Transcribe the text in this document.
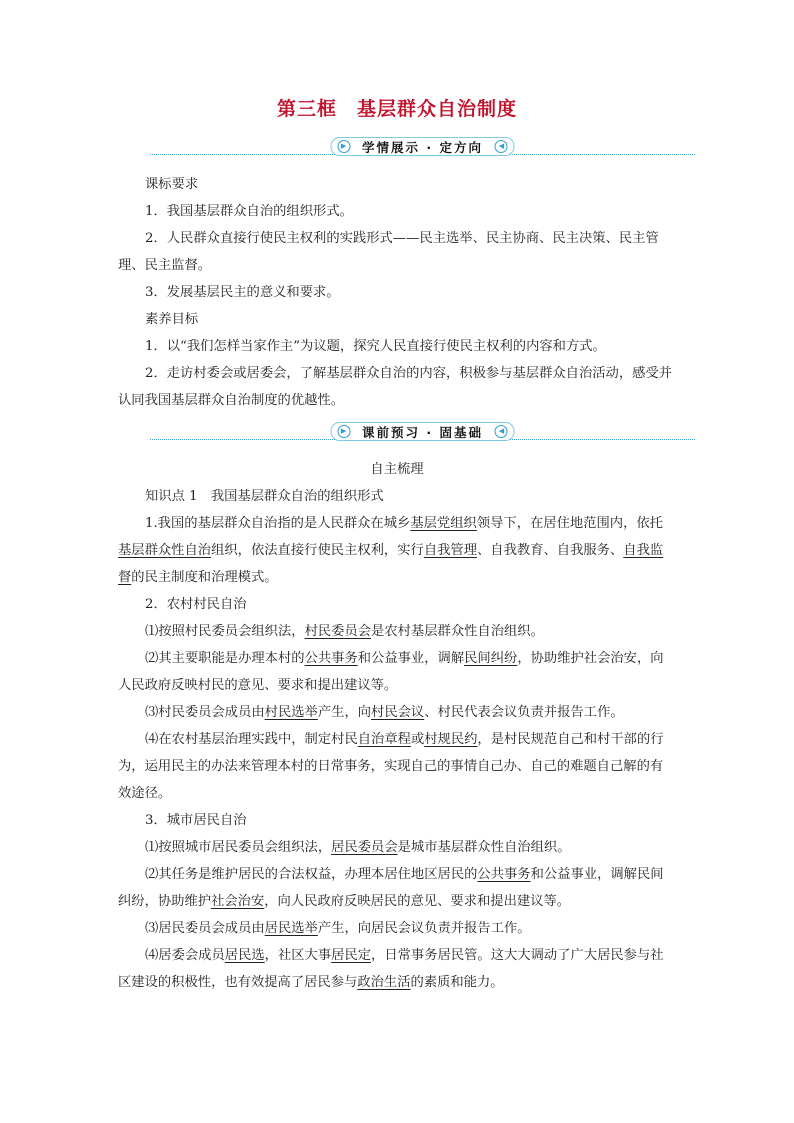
第三框　基层群众自治制度
▶	学情展示 · 定方向	◀

课标要求

1．我国基层群众自治的组织形式。

2．人民群众直接行使民主权利的实践形式——民主选举、民主协商、民主决策、民主管理、民主监督。

3．发展基层民主的意义和要求。

素养目标

1．以“我们怎样当家作主”为议题，探究人民直接行使民主权利的内容和方式。

2．走访村委会或居委会，了解基层群众自治的内容，积极参与基层群众自治活动，感受并认同我国基层群众自治制度的优越性。

▶	课前预习 · 固基础	◀

自主梳理

知识点 1　我国基层群众自治的组织形式

1.我国的基层群众自治指的是人民群众在城乡基层党组织领导下，在居住地范围内，依托基层群众性自治组织，依法直接行使民主权利，实行自我管理、自我教育、自我服务、自我监督的民主制度和治理模式。

2．农村村民自治

⑴按照村民委员会组织法，村民委员会是农村基层群众性自治组织。

⑵其主要职能是办理本村的公共事务和公益事业，调解民间纠纷，协助维护社会治安，向人民政府反映村民的意见、要求和提出建议等。

⑶村民委员会成员由村民选举产生，向村民会议、村民代表会议负责并报告工作。

⑷在农村基层治理实践中，制定村民自治章程或村规民约，是村民规范自己和村干部的行为，运用民主的办法来管理本村的日常事务，实现自己的事情自己办、自己的难题自己解的有效途径。

3．城市居民自治

⑴按照城市居民委员会组织法，居民委员会是城市基层群众性自治组织。

⑵其任务是维护居民的合法权益，办理本居住地区居民的公共事务和公益事业，调解民间纠纷，协助维护社会治安，向人民政府反映居民的意见、要求和提出建议等。

⑶居民委员会成员由居民选举产生，向居民会议负责并报告工作。

⑷居委会成员居民选，社区大事居民定，日常事务居民管。这大大调动了广大居民参与社区建设的积极性，也有效提高了居民参与政治生活的素质和能力。
